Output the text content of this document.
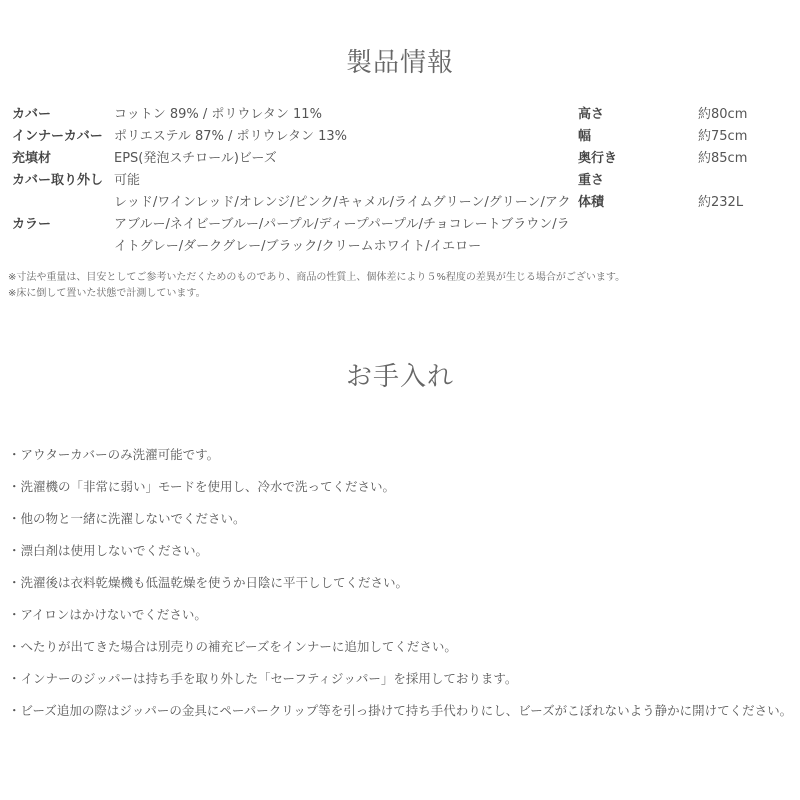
製品情報
カバー	コットン 89% / ポリウレタン 11%
インナーカバー ポリエステル 87% / ポリウレタン 13%
充填材	EPS(発泡スチロール)ビーズ
カバー取り外し 可能
カラー
レッド/ワインレッド/オレンジ/ピンク/キャメル/ライムグリーン/グリーン/アクアブルー/ネイビーブルー/パープル/ディープパープル/チョコレートブラウン/ライトグレー/ダークグレー/ブラック/クリームホワイト/イエロー
高さ	約80cm
幅	約75cm
奥行き	約85cm
重さ

体積	約232L
※寸法や重量は、目安としてご参考いただくためのものであり、商品の性質上、個体差により５%程度の差異が生じる場合がございます。
※床に倒して置いた状態で計測しています。
お手入れ
・アウターカバーのみ洗濯可能です。
・洗濯機の「非常に弱い」モードを使用し、冷水で洗ってください。
・他の物と一緒に洗濯しないでください。
・漂白剤は使用しないでください。
・洗濯後は衣料乾燥機も低温乾燥を使うか日陰に平干ししてください。
・アイロンはかけないでください。
・へたりが出てきた場合は別売りの補充ビーズをインナーに追加してください。
・インナーのジッパーは持ち手を取り外した「セーフティジッパー」を採用しております。
・ビーズ追加の際はジッパーの金具にペーパークリップ等を引っ掛けて持ち手代わりにし、ビーズがこぼれないよう静かに開けてください。
